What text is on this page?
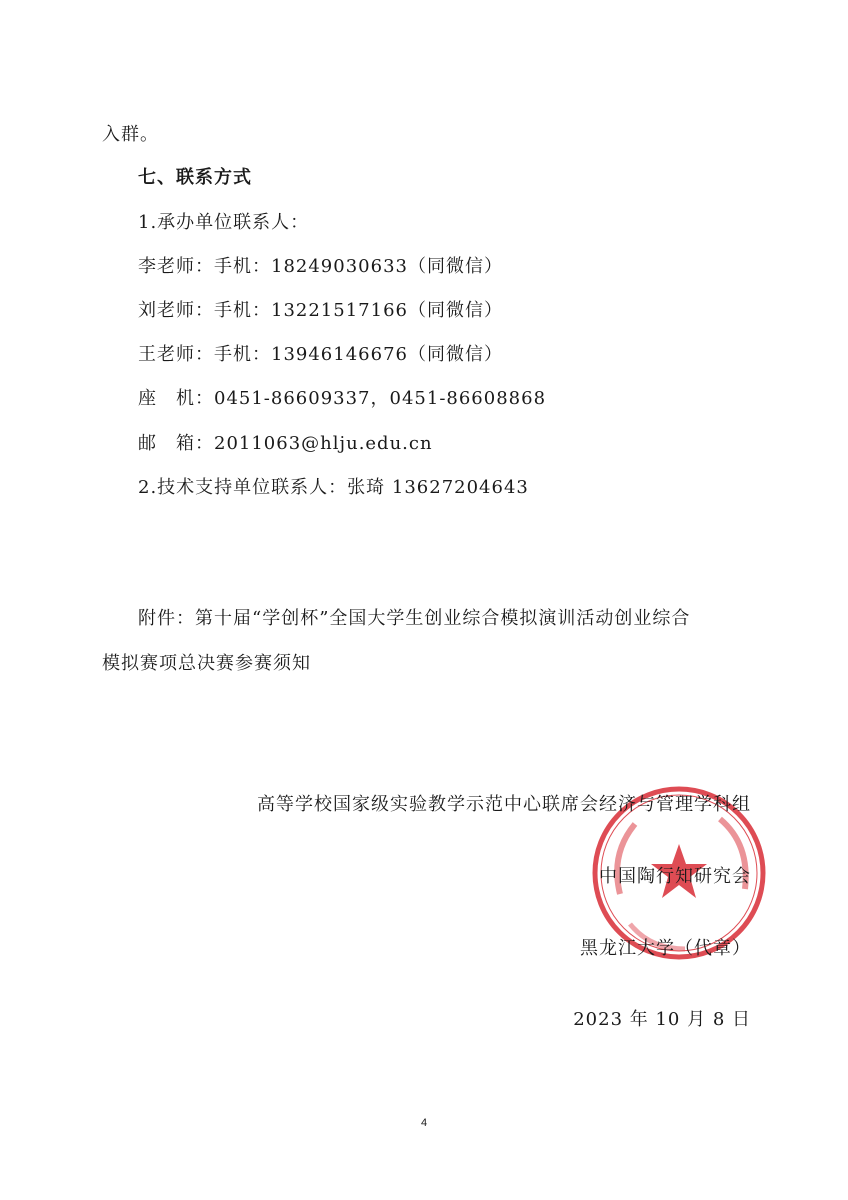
入群。
七、联系方式
1.承办单位联系人：
李老师：手机：18249030633（同微信）
刘老师：手机：13221517166（同微信）
王老师：手机：13946146676（同微信）
座　机：0451-86609337，0451-86608868
邮　箱：2011063@hlju.edu.cn
2.技术支持单位联系人：张琦 13627204643
附件：第十届“学创杯”全国大学生创业综合模拟演训活动创业综合
模拟赛项总决赛参赛须知
高等学校国家级实验教学示范中心联席会经济与管理学科组
中国陶行知研究会
黑龙江大学（代章）
2023 年 10 月 8 日
4
